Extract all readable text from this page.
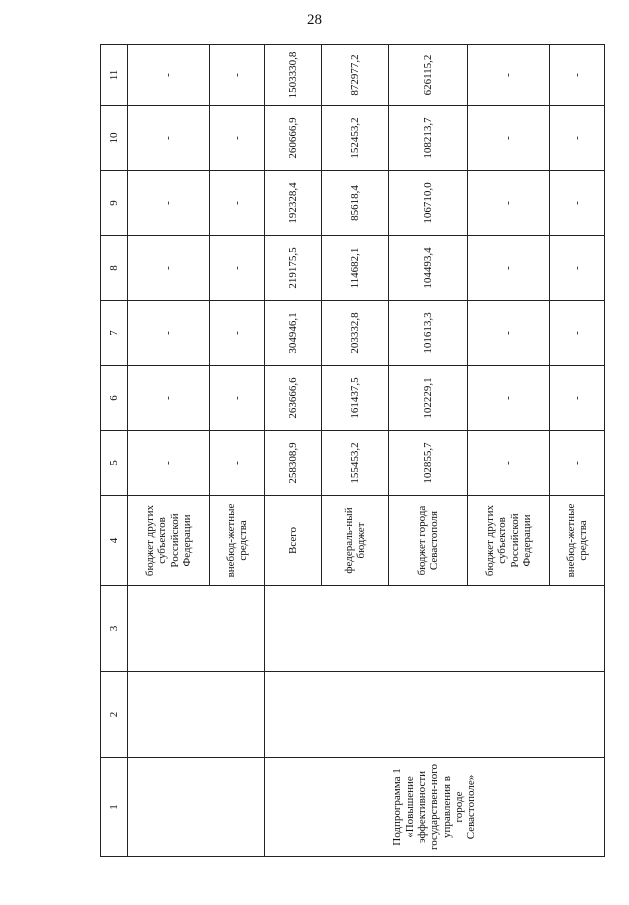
28
1	2	3	4	5	6	7	8	9	10	11
			бюджет других субъектов Российской Федерации	-	-	-	-	-	-	-
			внебюд-жетные средства	-	-	-	-	-	-	-
Подпрограмма 1 «Повышение эффективности государствен-ного управления в городе Севастополе»			Всего	258308,9	263666,6	304946,1	219175,5	192328,4	260666,9	1503330,8
			федераль-ный бюджет	155453,2	161437,5	203332,8	114682,1	85618,4	152453,2	872977,2
			бюджет города Севастополя	102855,7	102229,1	101613,3	104493,4	106710,0	108213,7	626115,2
			бюджет других субъектов Российской Федерации	-	-	-	-	-	-	-
			внебюд-жетные средства	-	-	-	-	-	-	-
